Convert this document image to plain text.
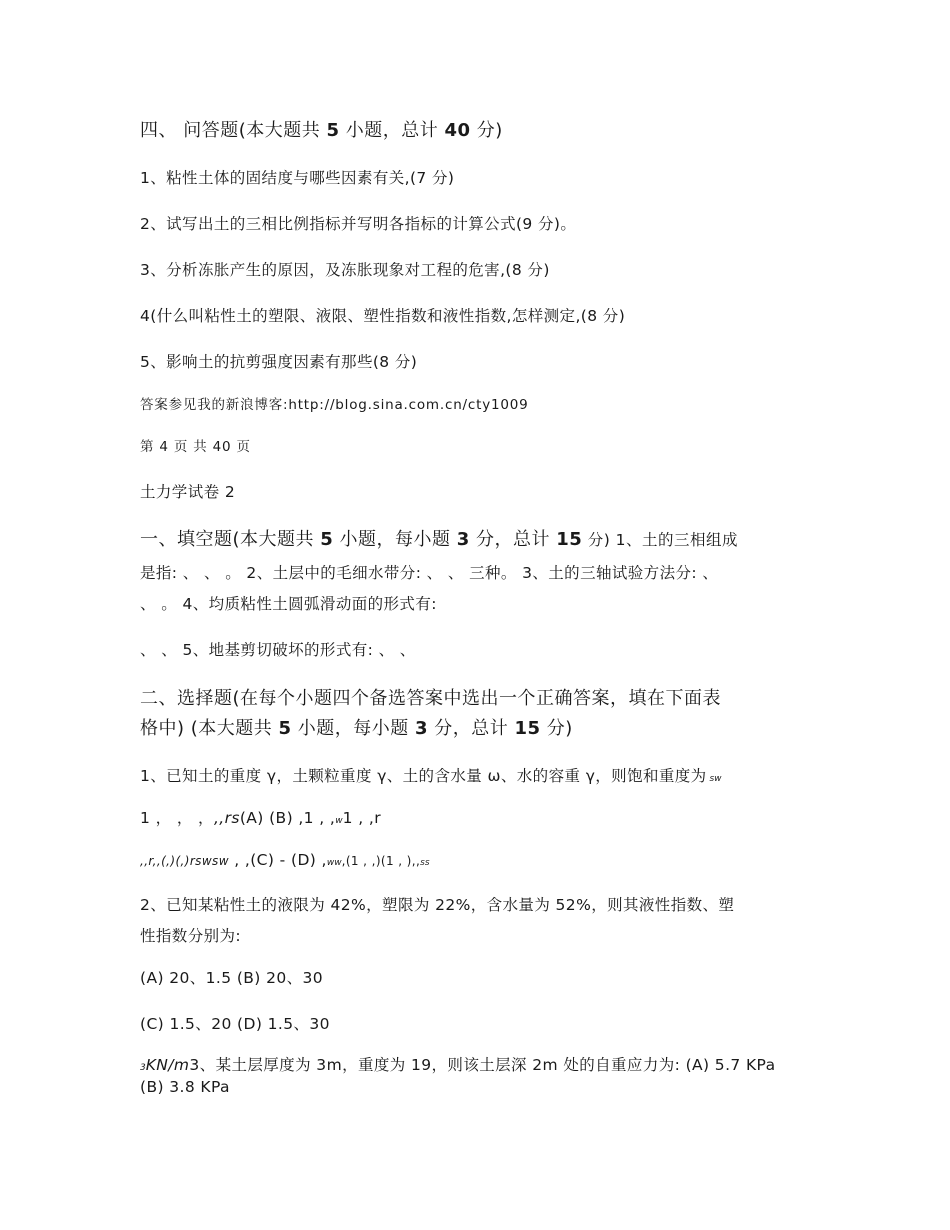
四、 问答题(本大题共 5 小题，总计 40 分)
1、粘性土体的固结度与哪些因素有关,(7 分)
2、试写出土的三相比例指标并写明各指标的计算公式(9 分)。
3、分析冻胀产生的原因，及冻胀现象对工程的危害,(8 分)
4(什么叫粘性土的塑限、液限、塑性指数和液性指数,怎样测定,(8 分)
5、影响土的抗剪强度因素有那些(8 分)
答案参见我的新浪博客:http://blog.sina.com.cn/cty1009
第 4 页 共 40 页
土力学试卷 2
一、填空题(本大题共 5 小题，每小题 3 分，总计 15 分) 1、土的三相组成
是指: 、 、 。 2、土层中的毛细水带分: 、 、 三种。 3、土的三轴试验方法分: 、
、 。 4、均质粘性土圆弧滑动面的形式有:
、 、 5、地基剪切破坏的形式有: 、 、
二、选择题(在每个小题四个备选答案中选出一个正确答案，填在下面表
格中) (本大题共 5 小题，每小题 3 分，总计 15 分)
1、已知土的重度 γ，土颗粒重度 γ、土的含水量 ω、水的容重 γ，则饱和重度为 sw
1 ， ， ，,,rs(A) (B) ,1 , ,w1 , ,r
,,r,,(,)(,)rswsw , ,(C) - (D) ,ww,(1 , ,)(1 , ),,ss
2、已知某粘性土的液限为 42%，塑限为 22%，含水量为 52%，则其液性指数、塑
性指数分别为:
(A) 20、1.5 (B) 20、30
(C) 1.5、20 (D) 1.5、30
3KN/m3、某土层厚度为 3m，重度为 19，则该土层深 2m 处的自重应力为: (A) 5.7 KPa
(B) 3.8 KPa
